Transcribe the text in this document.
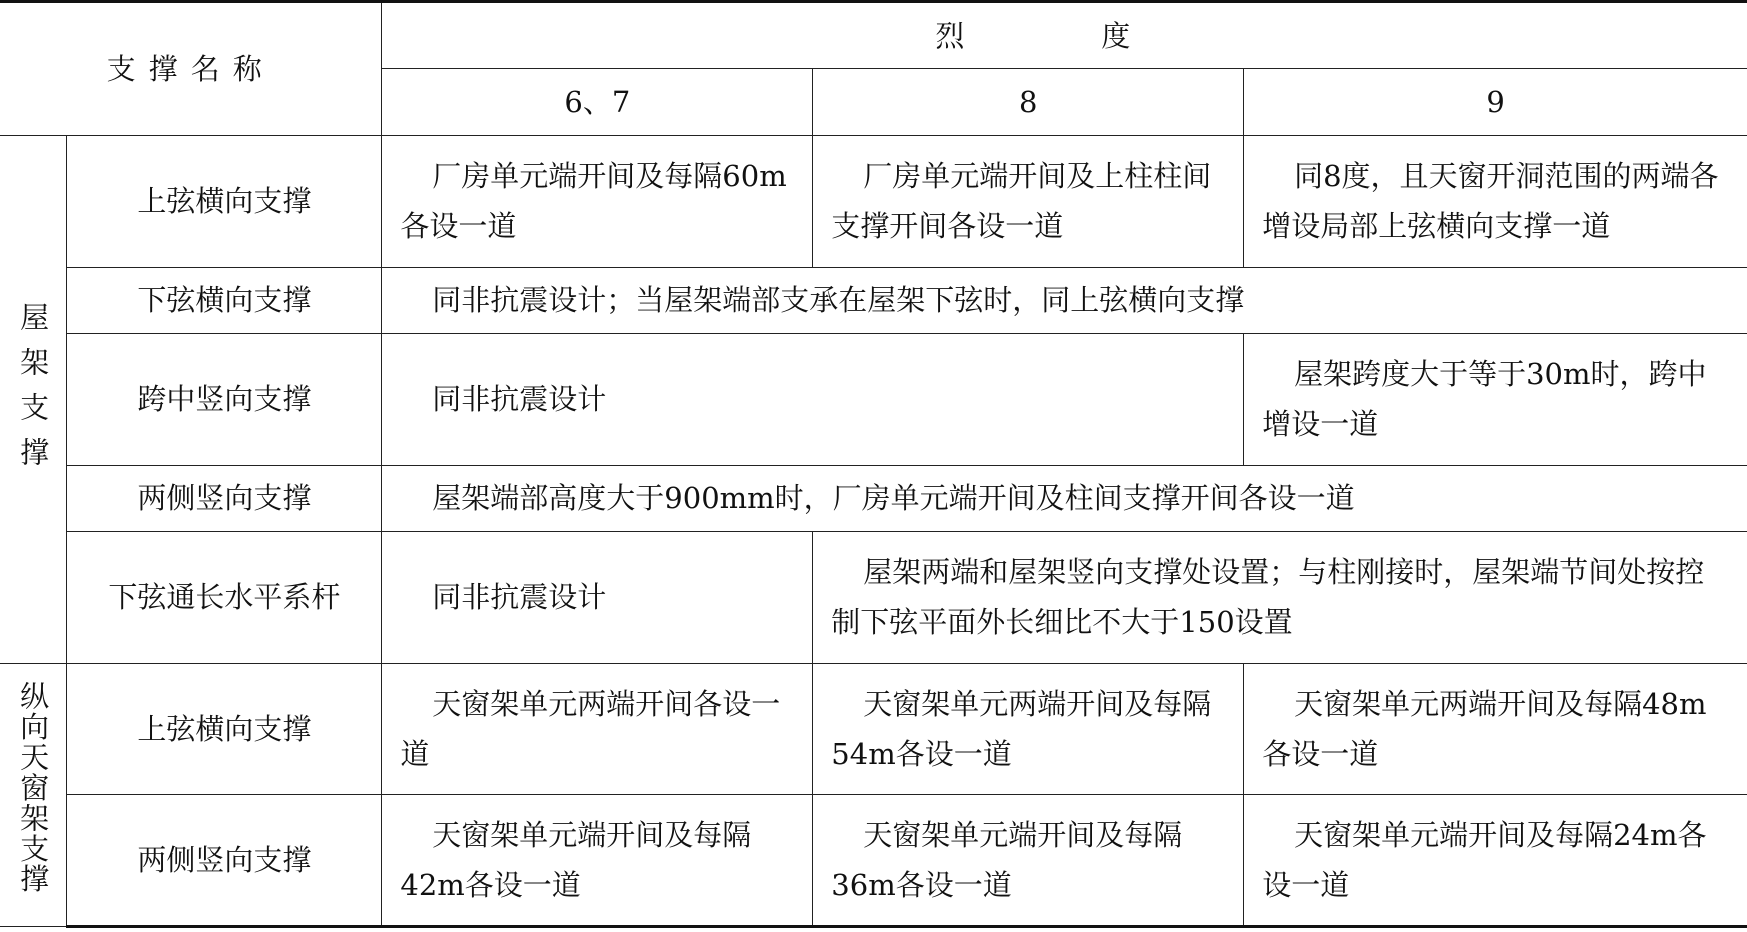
支撑名称		烈 度		
		6、7	8	9
屋架支撑	上弦横向支撑	厂房单元端开间及每隔60m各设一道	厂房单元端开间及上柱柱间支撑开间各设一道	同8度，且天窗开洞范围的两端各增设局部上弦横向支撑一道
	下弦横向支撑	同非抗震设计；当屋架端部支承在屋架下弦时，同上弦横向支撑		
	跨中竖向支撑	同非抗震设计		屋架跨度大于等于30m时，跨中增设一道
	两侧竖向支撑	屋架端部高度大于900mm时，厂房单元端开间及柱间支撑开间各设一道		
	下弦通长水平系杆	同非抗震设计	屋架两端和屋架竖向支撑处设置；与柱刚接时，屋架端节间处按控制下弦平面外长细比不大于150设置	
纵向天窗架支撑	上弦横向支撑	天窗架单元两端开间各设一道	天窗架单元两端开间及每隔54m各设一道	天窗架单元两端开间及每隔48m各设一道
	两侧竖向支撑	天窗架单元端开间及每隔42m各设一道	天窗架单元端开间及每隔36m各设一道	天窗架单元端开间及每隔24m各设一道
